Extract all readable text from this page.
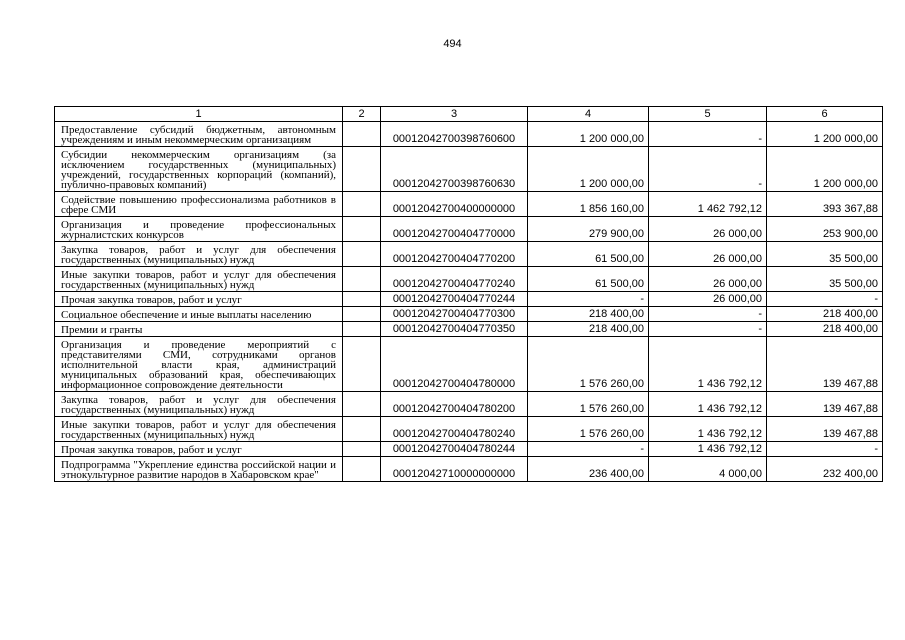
494
1	2	3	4	5	6
Предоставление субсидий бюджетным, автономным учреждениям и иным некоммерческим организациям		00012042700398760600	1 200 000,00	-	1 200 000,00
Субсидии некоммерческим организациям (за исключением государственных (муниципальных) учреждений, государственных корпораций (компаний), публично-правовых компаний)		00012042700398760630	1 200 000,00	-	1 200 000,00
Содействие повышению профессионализма работников в сфере СМИ		00012042700400000000	1 856 160,00	1 462 792,12	393 367,88
Организация и проведение профессиональных журналистских конкурсов		00012042700404770000	279 900,00	26 000,00	253 900,00
Закупка товаров, работ и услуг для обеспечения государственных (муниципальных) нужд		00012042700404770200	61 500,00	26 000,00	35 500,00
Иные закупки товаров, работ и услуг для обеспечения государственных (муниципальных) нужд		00012042700404770240	61 500,00	26 000,00	35 500,00
Прочая закупка товаров, работ и услуг		00012042700404770244	-	26 000,00	-
Социальное обеспечение и иные выплаты населению		00012042700404770300	218 400,00	-	218 400,00
Премии и гранты		00012042700404770350	218 400,00	-	218 400,00
Организация и проведение мероприятий с представителями СМИ, сотрудниками органов исполнительной власти края, администраций муниципальных образований края, обеспечивающих информационное сопровождение деятельности		00012042700404780000	1 576 260,00	1 436 792,12	139 467,88
Закупка товаров, работ и услуг для обеспечения государственных (муниципальных) нужд		00012042700404780200	1 576 260,00	1 436 792,12	139 467,88
Иные закупки товаров, работ и услуг для обеспечения государственных (муниципальных) нужд		00012042700404780240	1 576 260,00	1 436 792,12	139 467,88
Прочая закупка товаров, работ и услуг		00012042700404780244	-	1 436 792,12	-
Подпрограмма "Укрепление единства российской нации и этнокультурное развитие народов в Хабаровском крае"		00012042710000000000	236 400,00	4 000,00	232 400,00
